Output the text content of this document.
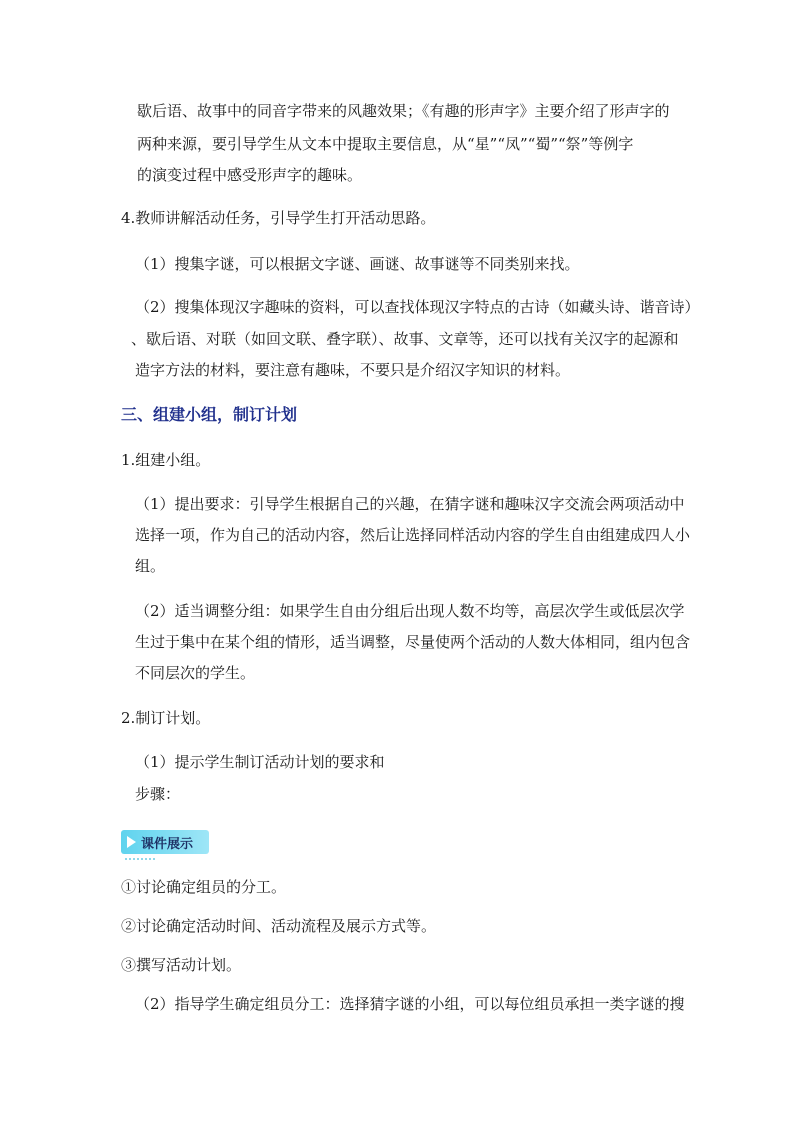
歇后语、故事中的同音字带来的风趣效果；《有趣的形声字》主要介绍了形声字的
两种来源，要引导学生从文本中提取主要信息，从“星”“凤”“蜀”“祭”等例字
的演变过程中感受形声字的趣味。
4.教师讲解活动任务，引导学生打开活动思路。
（1）搜集字谜，可以根据文字谜、画谜、故事谜等不同类别来找。
（2）搜集体现汉字趣味的资料，可以查找体现汉字特点的古诗（如藏头诗、谐音诗）
、歇后语、对联（如回文联、叠字联）、故事、文章等，还可以找有关汉字的起源和
造字方法的材料，要注意有趣味，不要只是介绍汉字知识的材料。
三、组建小组，制订计划
1.组建小组。
（1）提出要求：引导学生根据自己的兴趣，在猜字谜和趣味汉字交流会两项活动中
选择一项，作为自己的活动内容，然后让选择同样活动内容的学生自由组建成四人小
组。
（2）适当调整分组：如果学生自由分组后出现人数不均等，高层次学生或低层次学
生过于集中在某个组的情形，适当调整，尽量使两个活动的人数大体相同，组内包含
不同层次的学生。
2.制订计划。
（1）提示学生制订活动计划的要求和
步骤：
课件展示
①讨论确定组员的分工。
②讨论确定活动时间、活动流程及展示方式等。
③撰写活动计划。
（2）指导学生确定组员分工：选择猜字谜的小组，可以每位组员承担一类字谜的搜
